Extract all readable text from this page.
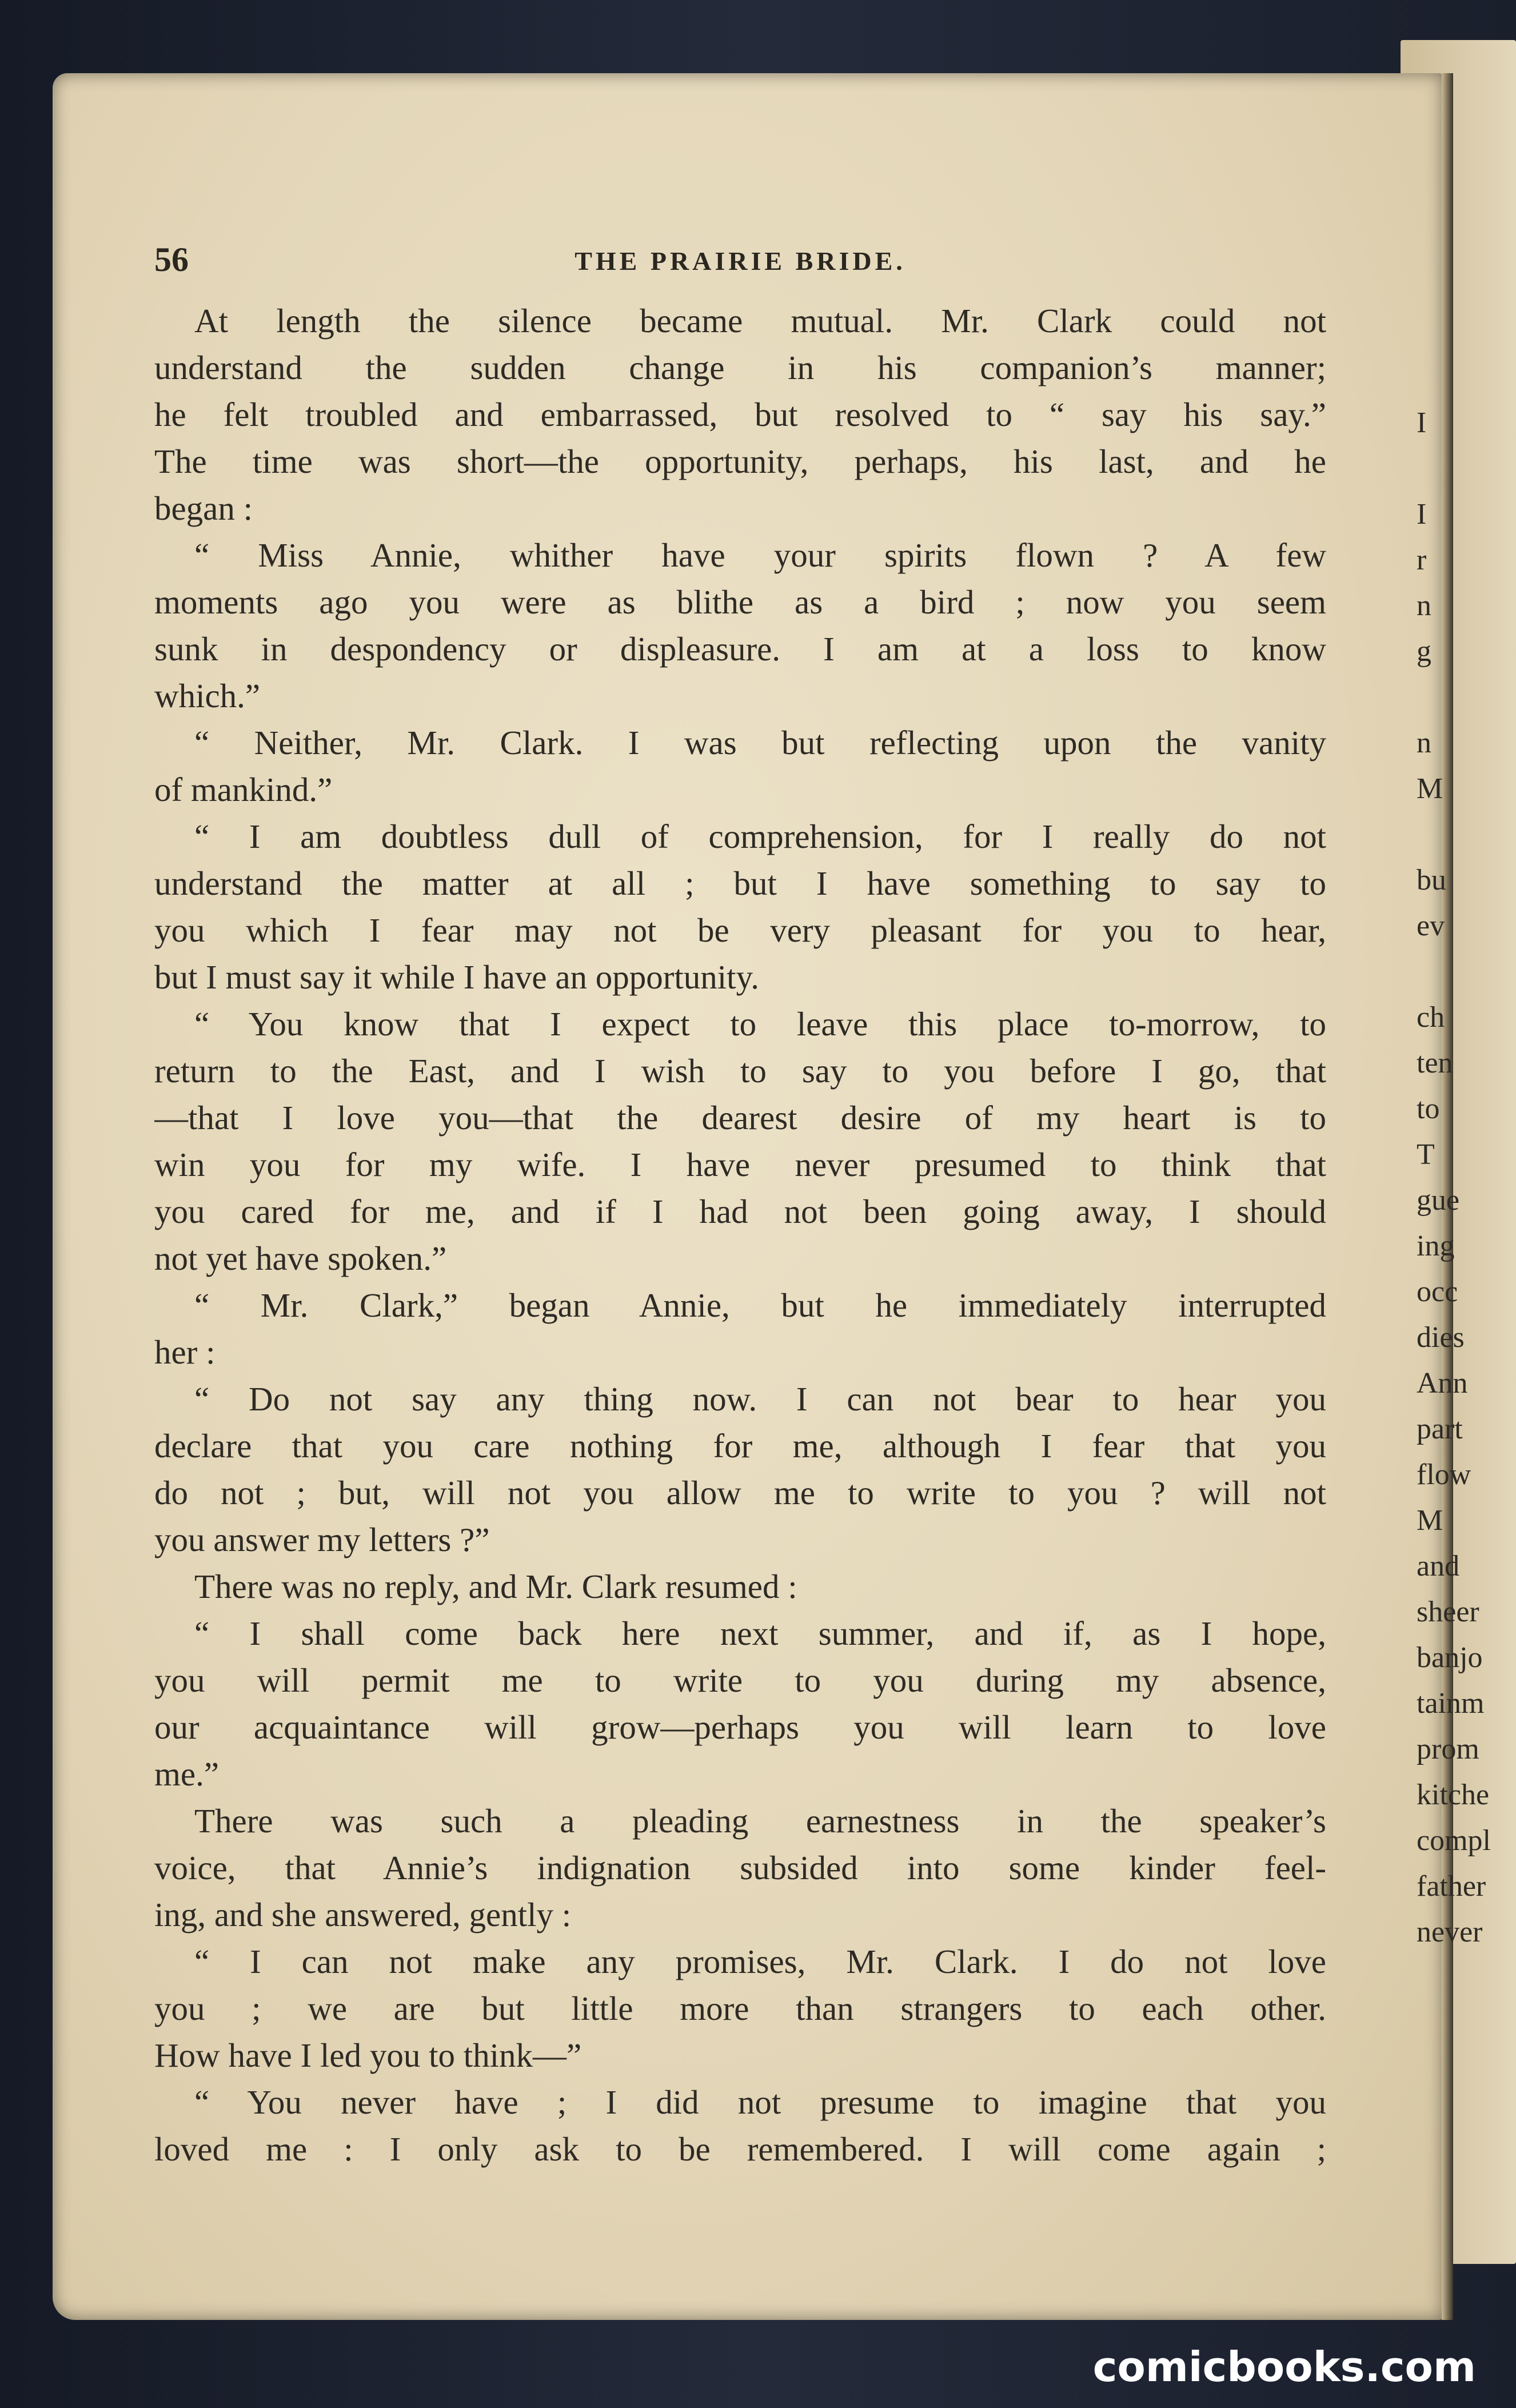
56	THE PRAIRIE BRIDE.
At length the silence became mutual. Mr. Clark could not
understand the sudden change in his companion’s manner;
he felt troubled and embarrassed, but resolved to “ say his say.”
The time was short—the opportunity, perhaps, his last, and he
began :
“ Miss Annie, whither have your spirits flown ? A few
moments ago you were as blithe as a bird ; now you seem
sunk in despondency or displeasure. I am at a loss to know
which.”
“ Neither, Mr. Clark. I was but reflecting upon the vanity
of mankind.”
“ I am doubtless dull of comprehension, for I really do not
understand the matter at all ; but I have something to say to
you which I fear may not be very pleasant for you to hear,
but I must say it while I have an opportunity.
“ You know that I expect to leave this place to-morrow, to
return to the East, and I wish to say to you before I go, that
—that I love you—that the dearest desire of my heart is to
win you for my wife. I have never presumed to think that
you cared for me, and if I had not been going away, I should
not yet have spoken.”
“ Mr. Clark,” began Annie, but he immediately interrupted
her :
“ Do not say any thing now. I can not bear to hear you
declare that you care nothing for me, although I fear that you
do not ; but, will not you allow me to write to you ? will not
you answer my letters ?”
There was no reply, and Mr. Clark resumed :
“ I shall come back here next summer, and if, as I hope,
you will permit me to write to you during my absence,
our acquaintance will grow—perhaps you will learn to love
me.”
There was such a pleading earnestness in the speaker’s
voice, that Annie’s indignation subsided into some kinder feel-
ing, and she answered, gently :
“ I can not make any promises, Mr. Clark. I do not love
you ; we are but little more than strangers to each other.
How have I led you to think—”
“ You never have ; I did not presume to imagine that you
loved me : I only ask to be remembered. I will come again ;
I
I
r
n
g
n
M
bu
ev
ch
ten
to
T
gue
ing
occ
dies
Ann
part
flow
M
and
sheer
banjo
tainm
prom
kitche
compl
father
never
comicbooks.com
